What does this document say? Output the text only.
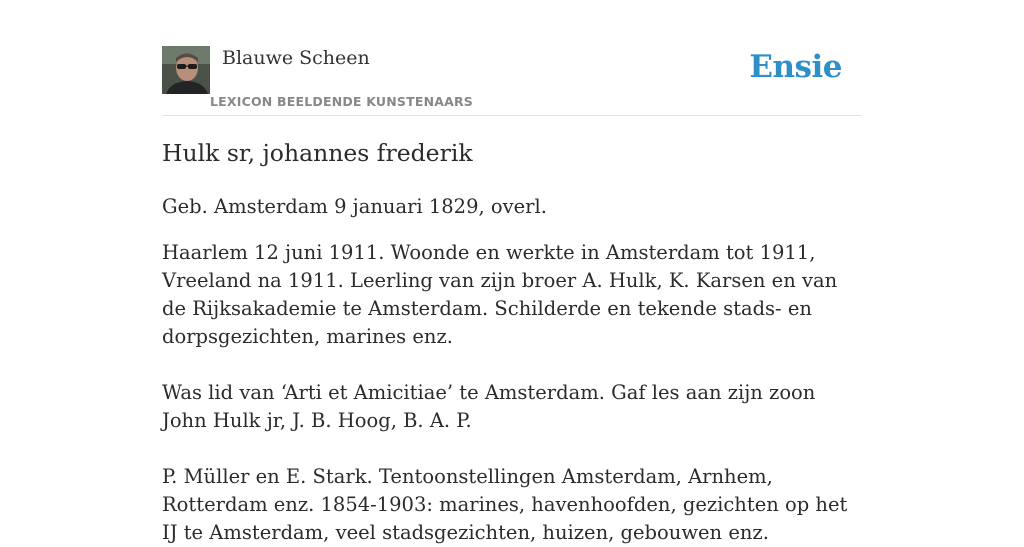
Blauwe Scheen
LEXICON BEELDENDE KUNSTENAARS
Ensie
Hulk sr, johannes frederik

Geb. Amsterdam 9 januari 1829, overl.

Haarlem 12 juni 1911. Woonde en werkte in Amsterdam tot 1911, Vreeland na 1911. Leerling van zijn broer A. Hulk, K. Karsen en van de Rijksakademie te Amsterdam. Schilderde en tekende stads- en dorpsgezichten, marines enz.

Was lid van ‘Arti et Amicitiae’ te Amsterdam. Gaf les aan zijn zoon John Hulk jr, J. B. Hoog, B. A. P.

P. Müller en E. Stark. Tentoonstellingen Amsterdam, Arnhem, Rotterdam enz. 1854-1903: marines, havenhoofden, gezichten op het IJ te Amsterdam, veel stadsgezichten, huizen, gebouwen enz.
